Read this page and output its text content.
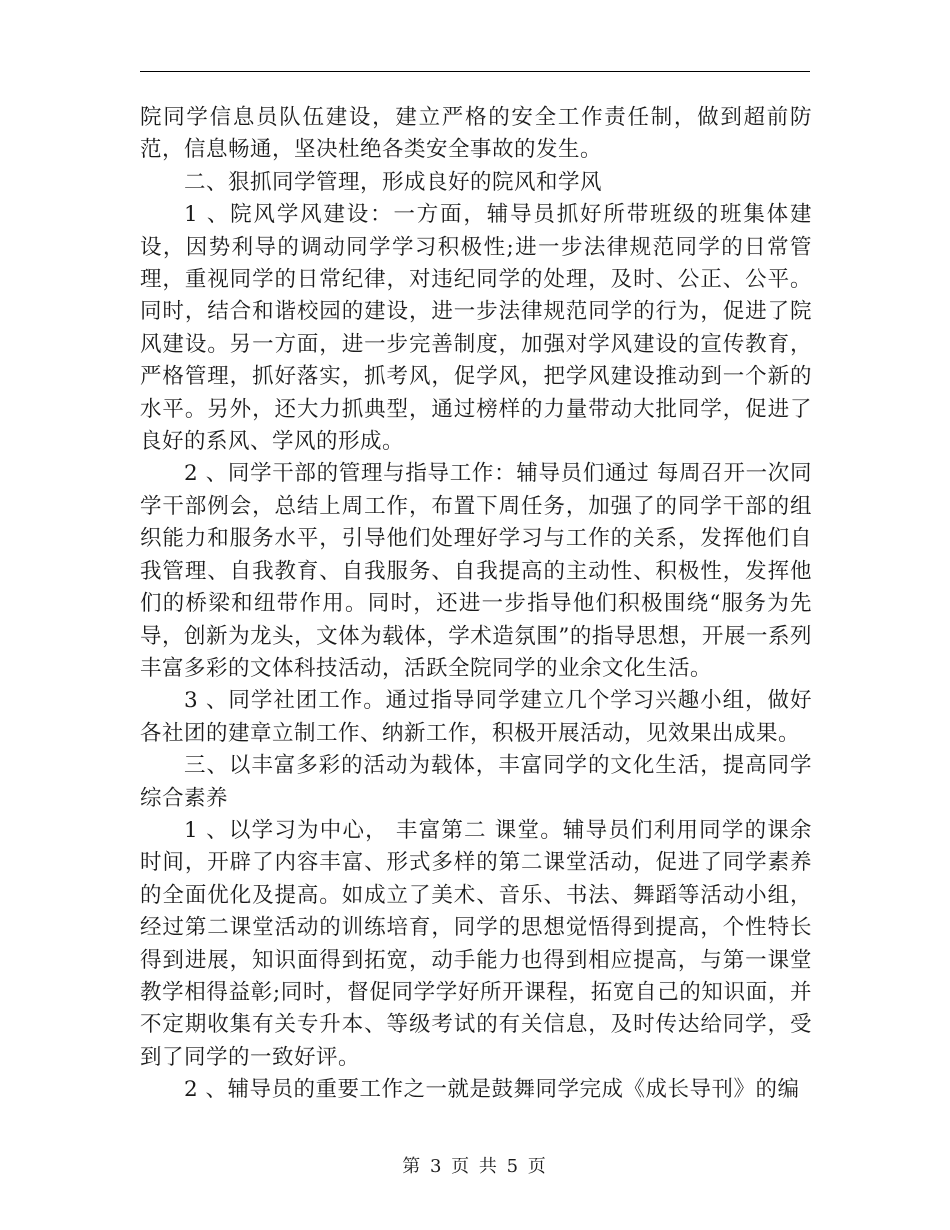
院同学信息员队伍建设，建立严格的安全工作责任制，做到超前防范，信息畅通，坚决杜绝各类安全事故的发生。

二、狠抓同学管理，形成良好的院风和学风

1 、院风学风建设：一方面，辅导员抓好所带班级的班集体建设，因势利导的调动同学学习积极性;进一步法律规范同学的日常管理，重视同学的日常纪律，对违纪同学的处理，及时、公正、公平。同时，结合和谐校园的建设，进一步法律规范同学的行为，促进了院风建设。另一方面，进一步完善制度，加强对学风建设的宣传教育，严格管理，抓好落实，抓考风，促学风，把学风建设推动到一个新的水平。另外，还大力抓典型，通过榜样的力量带动大批同学，促进了良好的系风、学风的形成。

2 、同学干部的管理与指导工作：辅导员们通过 每周召开一次同学干部例会，总结上周工作，布置下周任务，加强了的同学干部的组织能力和服务水平，引导他们处理好学习与工作的关系，发挥他们自我管理、自我教育、自我服务、自我提高的主动性、积极性，发挥他们的桥梁和纽带作用。同时，还进一步指导他们积极围绕“服务为先导，创新为龙头，文体为载体，学术造氛围”的指导思想，开展一系列丰富多彩的文体科技活动，活跃全院同学的业余文化生活。

3 、同学社团工作。通过指导同学建立几个学习兴趣小组，做好各社团的建章立制工作、纳新工作，积极开展活动，见效果出成果。

三、以丰富多彩的活动为载体，丰富同学的文化生活，提高同学综合素养

1 、以学习为中心， 丰富第二 课堂。辅导员们利用同学的课余时间，开辟了内容丰富、形式多样的第二课堂活动，促进了同学素养的全面优化及提高。如成立了美术、音乐、书法、舞蹈等活动小组，经过第二课堂活动的训练培育，同学的思想觉悟得到提高，个性特长得到进展，知识面得到拓宽，动手能力也得到相应提高，与第一课堂教学相得益彰;同时，督促同学学好所开课程，拓宽自己的知识面，并不定期收集有关专升本、等级考试的有关信息，及时传达给同学，受到了同学的一致好评。

2 、辅导员的重要工作之一就是鼓舞同学完成《成长导刊》的编

第 3 页 共 5 页
